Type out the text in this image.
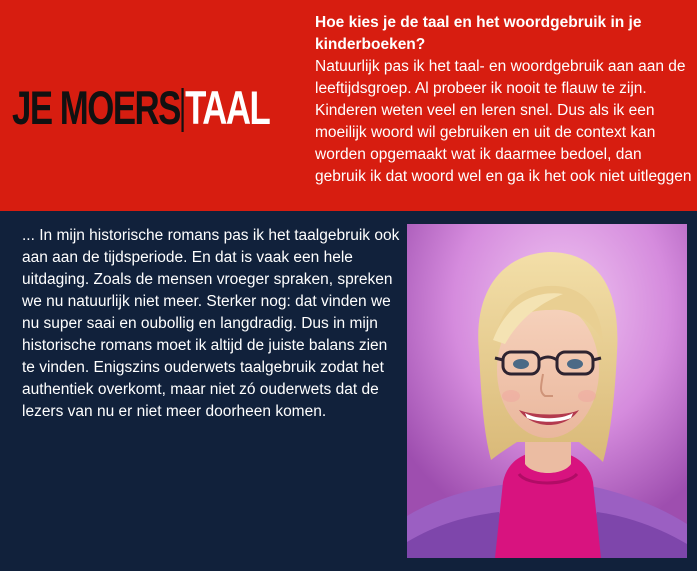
JE MOERS TAAL

Hoe kies je de taal en het woordgebruik in je kinderboeken?

Natuurlijk pas ik het taal- en woordgebruik aan aan de leeftijdsgroep. Al probeer ik nooit te flauw te zijn. Kinderen weten veel en leren snel. Dus als ik een moeilijk woord wil gebruiken en uit de context kan worden opgemaakt wat ik daarmee bedoel, dan gebruik ik dat woord wel en ga ik het ook niet uitleggen

... In mijn historische romans pas ik het taalgebruik ook aan aan de tijdsperiode. En dat is vaak een hele uitdaging. Zoals de mensen vroeger spraken, spreken we nu natuurlijk niet meer. Sterker nog: dat vinden we nu super saai en oubollig en langdradig. Dus in mijn historische romans moet ik altijd de juiste balans zien te vinden. Enigszins ouderwets taalgebruik zodat het authentiek overkomt, maar niet zó ouderwets dat de lezers van nu er niet meer doorheen komen.
